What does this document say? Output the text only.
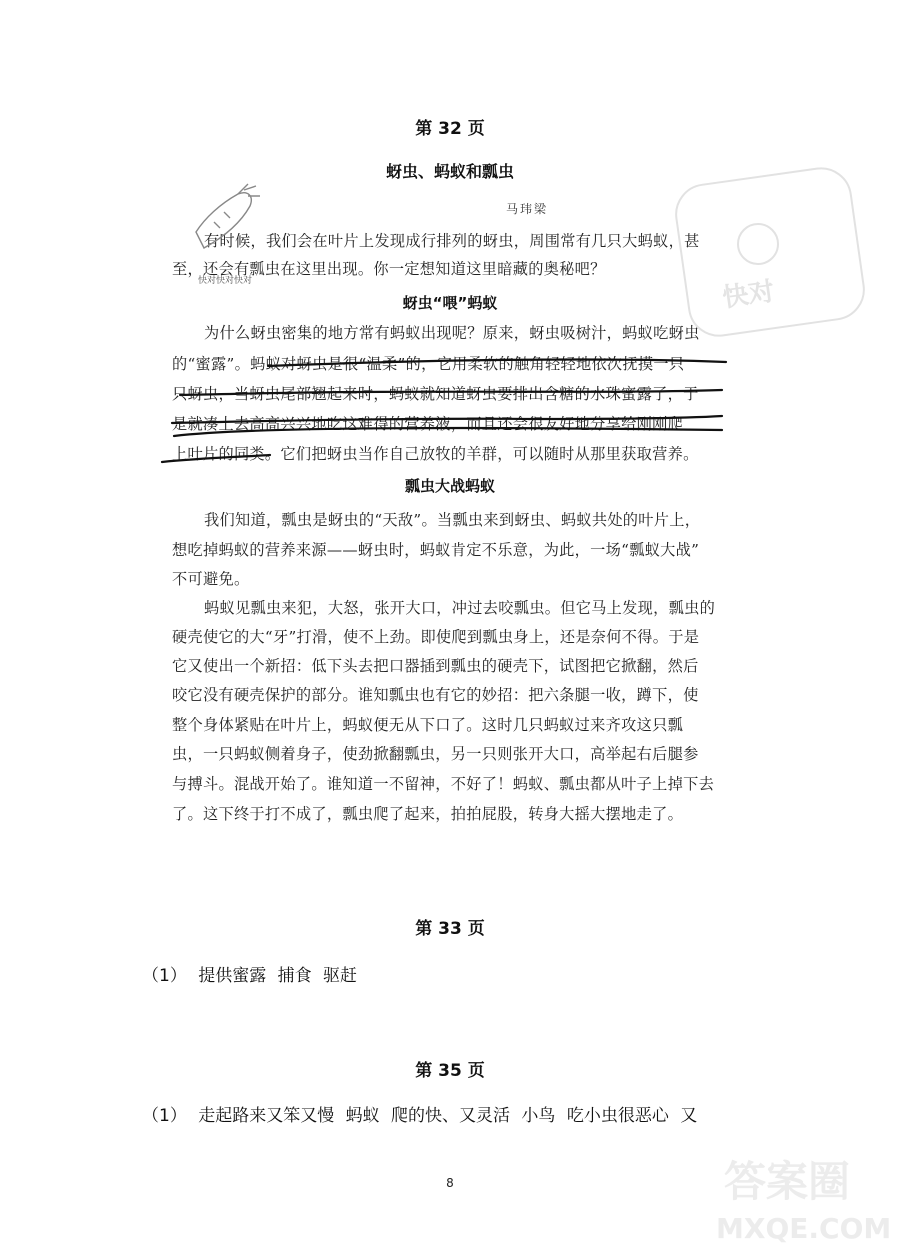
第 32 页
蚜虫、蚂蚁和瓢虫
马玮梁
有时候，我们会在叶片上发现成行排列的蚜虫，周围常有几只大蚂蚁，甚
至，还会有瓢虫在这里出现。你一定想知道这里暗藏的奥秘吧？
快对快对快对
蚜虫“喂”蚂蚁
为什么蚜虫密集的地方常有蚂蚁出现呢？原来，蚜虫吸树汁，蚂蚁吃蚜虫
的“蜜露”。蚂蚁对蚜虫是很“温柔”的，它用柔软的触角轻轻地依次抚摸一只
只蚜虫，当蚜虫尾部翘起来时，蚂蚁就知道蚜虫要排出含糖的水珠蜜露了，于
是就凑上去高高兴兴地吃这难得的营养液，而且还会很友好地分享给刚刚爬
上叶片的同类。它们把蚜虫当作自己放牧的羊群，可以随时从那里获取营养。
瓢虫大战蚂蚁
我们知道，瓢虫是蚜虫的“天敌”。当瓢虫来到蚜虫、蚂蚁共处的叶片上，
想吃掉蚂蚁的营养来源——蚜虫时，蚂蚁肯定不乐意，为此，一场“瓢蚁大战”
不可避免。
蚂蚁见瓢虫来犯，大怒，张开大口，冲过去咬瓢虫。但它马上发现，瓢虫的
硬壳使它的大“牙”打滑，使不上劲。即使爬到瓢虫身上，还是奈何不得。于是
它又使出一个新招：低下头去把口器插到瓢虫的硬壳下，试图把它掀翻，然后
咬它没有硬壳保护的部分。谁知瓢虫也有它的妙招：把六条腿一收，蹲下，使
整个身体紧贴在叶片上，蚂蚁便无从下口了。这时几只蚂蚁过来齐攻这只瓢
虫，一只蚂蚁侧着身子，使劲掀翻瓢虫，另一只则张开大口，高举起右后腿参
与搏斗。混战开始了。谁知道一不留神，不好了！蚂蚁、瓢虫都从叶子上掉下去
了。这下终于打不成了，瓢虫爬了起来，拍拍屁股，转身大摇大摆地走了。
第 33 页
（1） 提供蜜露 捕食 驱赶
第 35 页
（1） 走起路来又笨又慢 蚂蚁 爬的快、又灵活 小鸟 吃小虫很恶心 又
8
快对
答案圈
MXQE.COM
